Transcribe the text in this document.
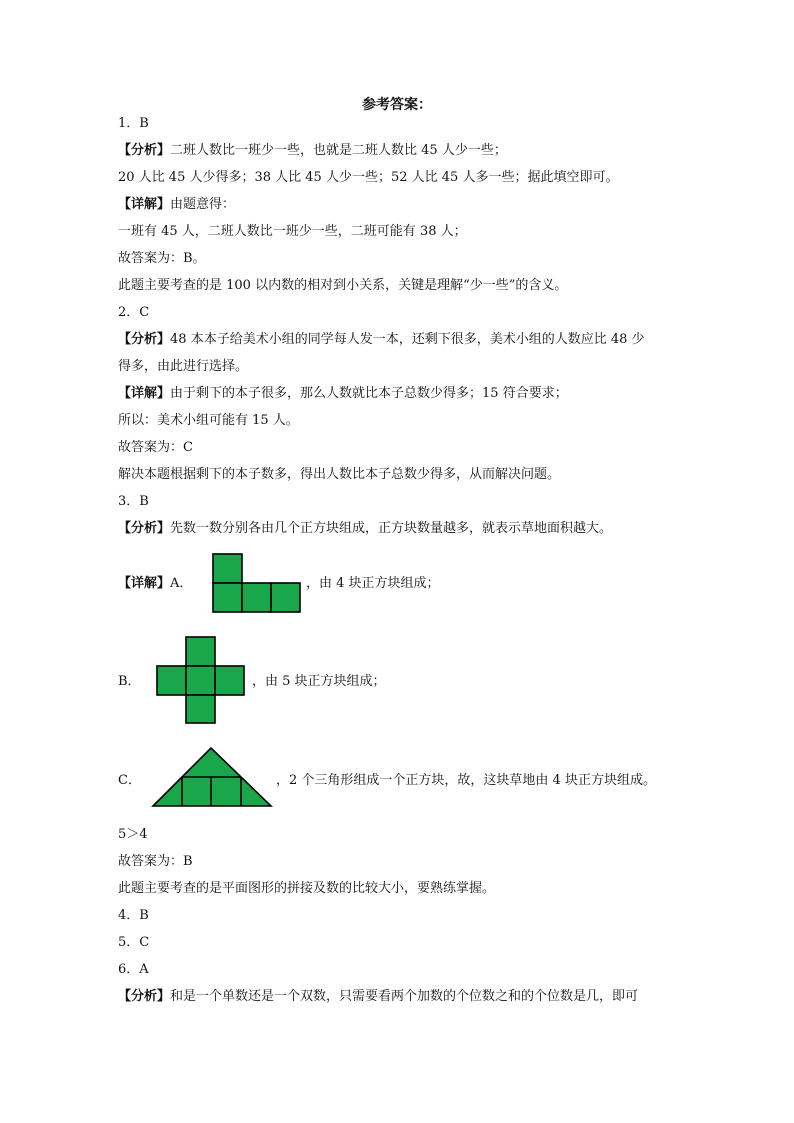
参考答案：
1．B
【分析】二班人数比一班少一些，也就是二班人数比 45 人少一些；
20 人比 45 人少得多；38 人比 45 人少一些；52 人比 45 人多一些；据此填空即可。
【详解】由题意得：
一班有 45 人，二班人数比一班少一些，二班可能有 38 人；
故答案为：B。
此题主要考查的是 100 以内数的相对到小关系，关键是理解“少一些”的含义。
2．C
【分析】48 本本子给美术小组的同学每人发一本，还剩下很多，美术小组的人数应比 48 少
得多，由此进行选择。
【详解】由于剩下的本子很多，那么人数就比本子总数少得多；15 符合要求；
所以：美术小组可能有 15 人。
故答案为：C
解决本题根据剩下的本子数多，得出人数比本子总数少得多，从而解决问题。
3．B
【分析】先数一数分别各由几个正方块组成，正方块数量越多，就表示草地面积越大。
【详解】A．	，由 4 块正方块组成；
B．	，由 5 块正方块组成；
C．	，2 个三角形组成一个正方块，故，这块草地由 4 块正方块组成。
5＞4
故答案为：B
此题主要考查的是平面图形的拼接及数的比较大小，要熟练掌握。
4．B
5．C
6．A
【分析】和是一个单数还是一个双数，只需要看两个加数的个位数之和的个位数是几，即可
